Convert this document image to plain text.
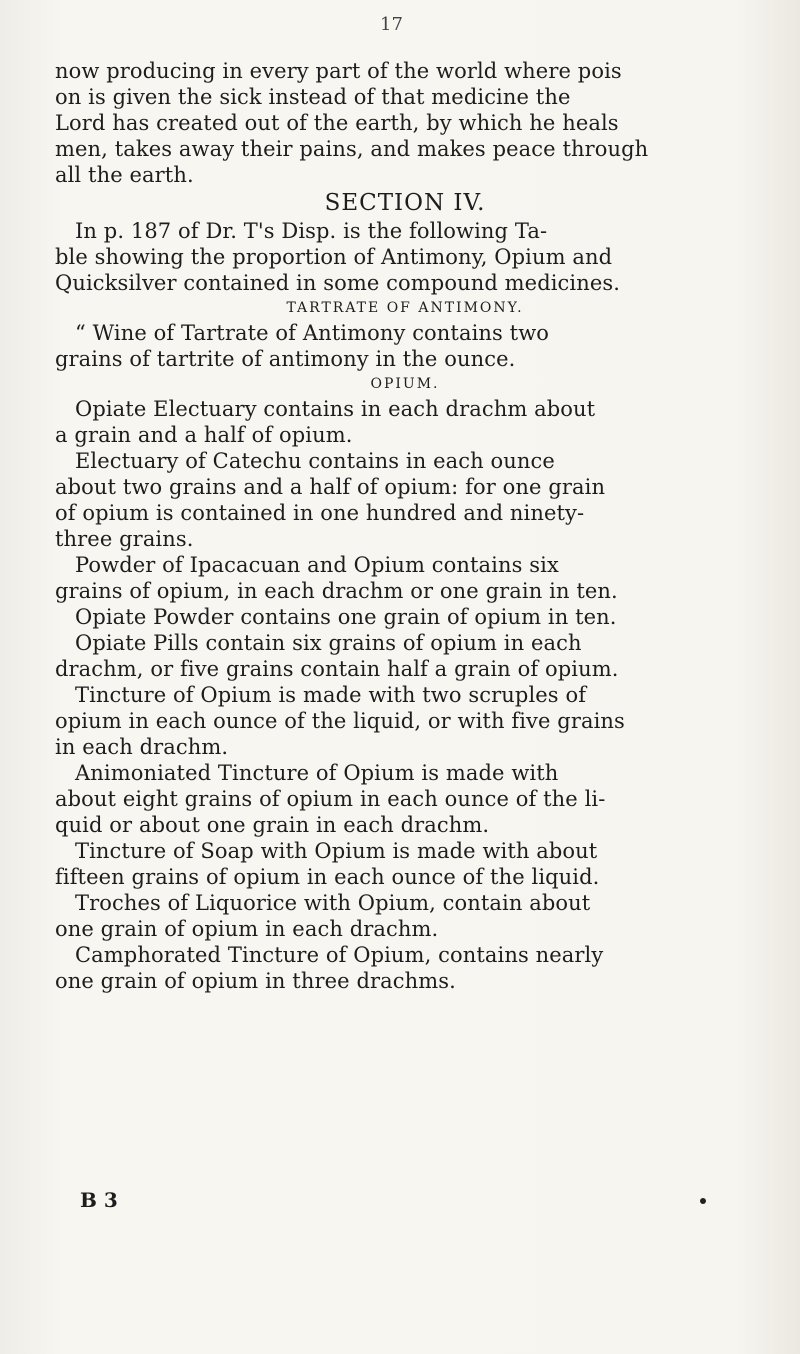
17

now producing in every part of the world where pois

on is given the sick instead of that medicine the

Lord has created out of the earth, by which he heals

men, takes away their pains, and makes peace through

all the earth.

SECTION IV.

In p. 187 of Dr. T's Disp. is the following Ta-

ble showing the proportion of Antimony, Opium and

Quicksilver contained in some compound medicines.

TARTRATE OF ANTIMONY.

“ Wine of Tartrate of Antimony contains two

grains of tartrite of antimony in the ounce.

OPIUM.

Opiate Electuary contains in each drachm about

a grain and a half of opium.

Electuary of Catechu contains in each ounce

about two grains and a half of opium: for one grain

of opium is contained in one hundred and ninety-

three grains.

Powder of Ipacacuan and Opium contains six

grains of opium, in each drachm or one grain in ten.

Opiate Powder contains one grain of opium in ten.

Opiate Pills contain six grains of opium in each

drachm, or five grains contain half a grain of opium.

Tincture of Opium is made with two scruples of

opium in each ounce of the liquid, or with five grains

in each drachm.

Animoniated Tincture of Opium is made with

about eight grains of opium in each ounce of the li-

quid or about one grain in each drachm.

Tincture of Soap with Opium is made with about

fifteen grains of opium in each ounce of the liquid.

Troches of Liquorice with Opium, contain about

one grain of opium in each drachm.

Camphorated Tincture of Opium, contains nearly

one grain of opium in three drachms.

B 3
